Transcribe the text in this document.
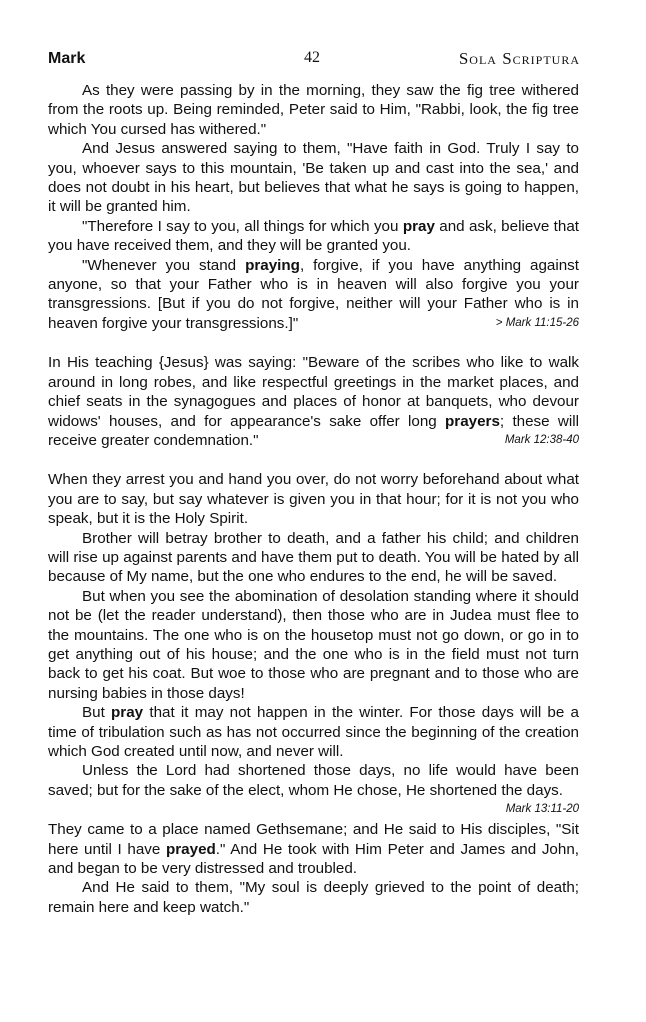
Mark	42	Sola Scriptura

As they were passing by in the morning, they saw the fig tree withered from the roots up. Being reminded, Peter said to Him, "Rabbi, look, the fig tree which You cursed has withered."

And Jesus answered saying to them, "Have faith in God. Truly I say to you, whoever says to this mountain, 'Be taken up and cast into the sea,' and does not doubt in his heart, but believes that what he says is going to happen, it will be granted him.

"Therefore I say to you, all things for which you pray and ask, believe that you have received them, and they will be granted you.

"Whenever you stand praying, forgive, if you have anything against anyone, so that your Father who is in heaven will also forgive you your transgressions. [But if you do not forgive, neither will your Father who is in heaven forgive your transgressions.]"	> Mark 11:15-26

In His teaching {Jesus} was saying: "Beware of the scribes who like to walk around in long robes, and like respectful greetings in the market places, and chief seats in the synagogues and places of honor at banquets, who devour widows' houses, and for appearance's sake offer long prayers; these will receive greater condemnation."	Mark 12:38-40

When they arrest you and hand you over, do not worry beforehand about what you are to say, but say whatever is given you in that hour; for it is not you who speak, but it is the Holy Spirit.

Brother will betray brother to death, and a father his child; and children will rise up against parents and have them put to death. You will be hated by all because of My name, but the one who endures to the end, he will be saved.

But when you see the abomination of desolation standing where it should not be (let the reader understand), then those who are in Judea must flee to the mountains. The one who is on the housetop must not go down, or go in to get anything out of his house; and the one who is in the field must not turn back to get his coat. But woe to those who are pregnant and to those who are nursing babies in those days!

But pray that it may not happen in the winter. For those days will be a time of tribulation such as has not occurred since the beginning of the creation which God created until now, and never will.

Unless the Lord had shortened those days, no life would have been saved; but for the sake of the elect, whom He chose, He shortened the days.
Mark 13:11-20

They came to a place named Gethsemane; and He said to His disciples, "Sit here until I have prayed." And He took with Him Peter and James and John, and began to be very distressed and troubled.

And He said to them, "My soul is deeply grieved to the point of death; remain here and keep watch."
